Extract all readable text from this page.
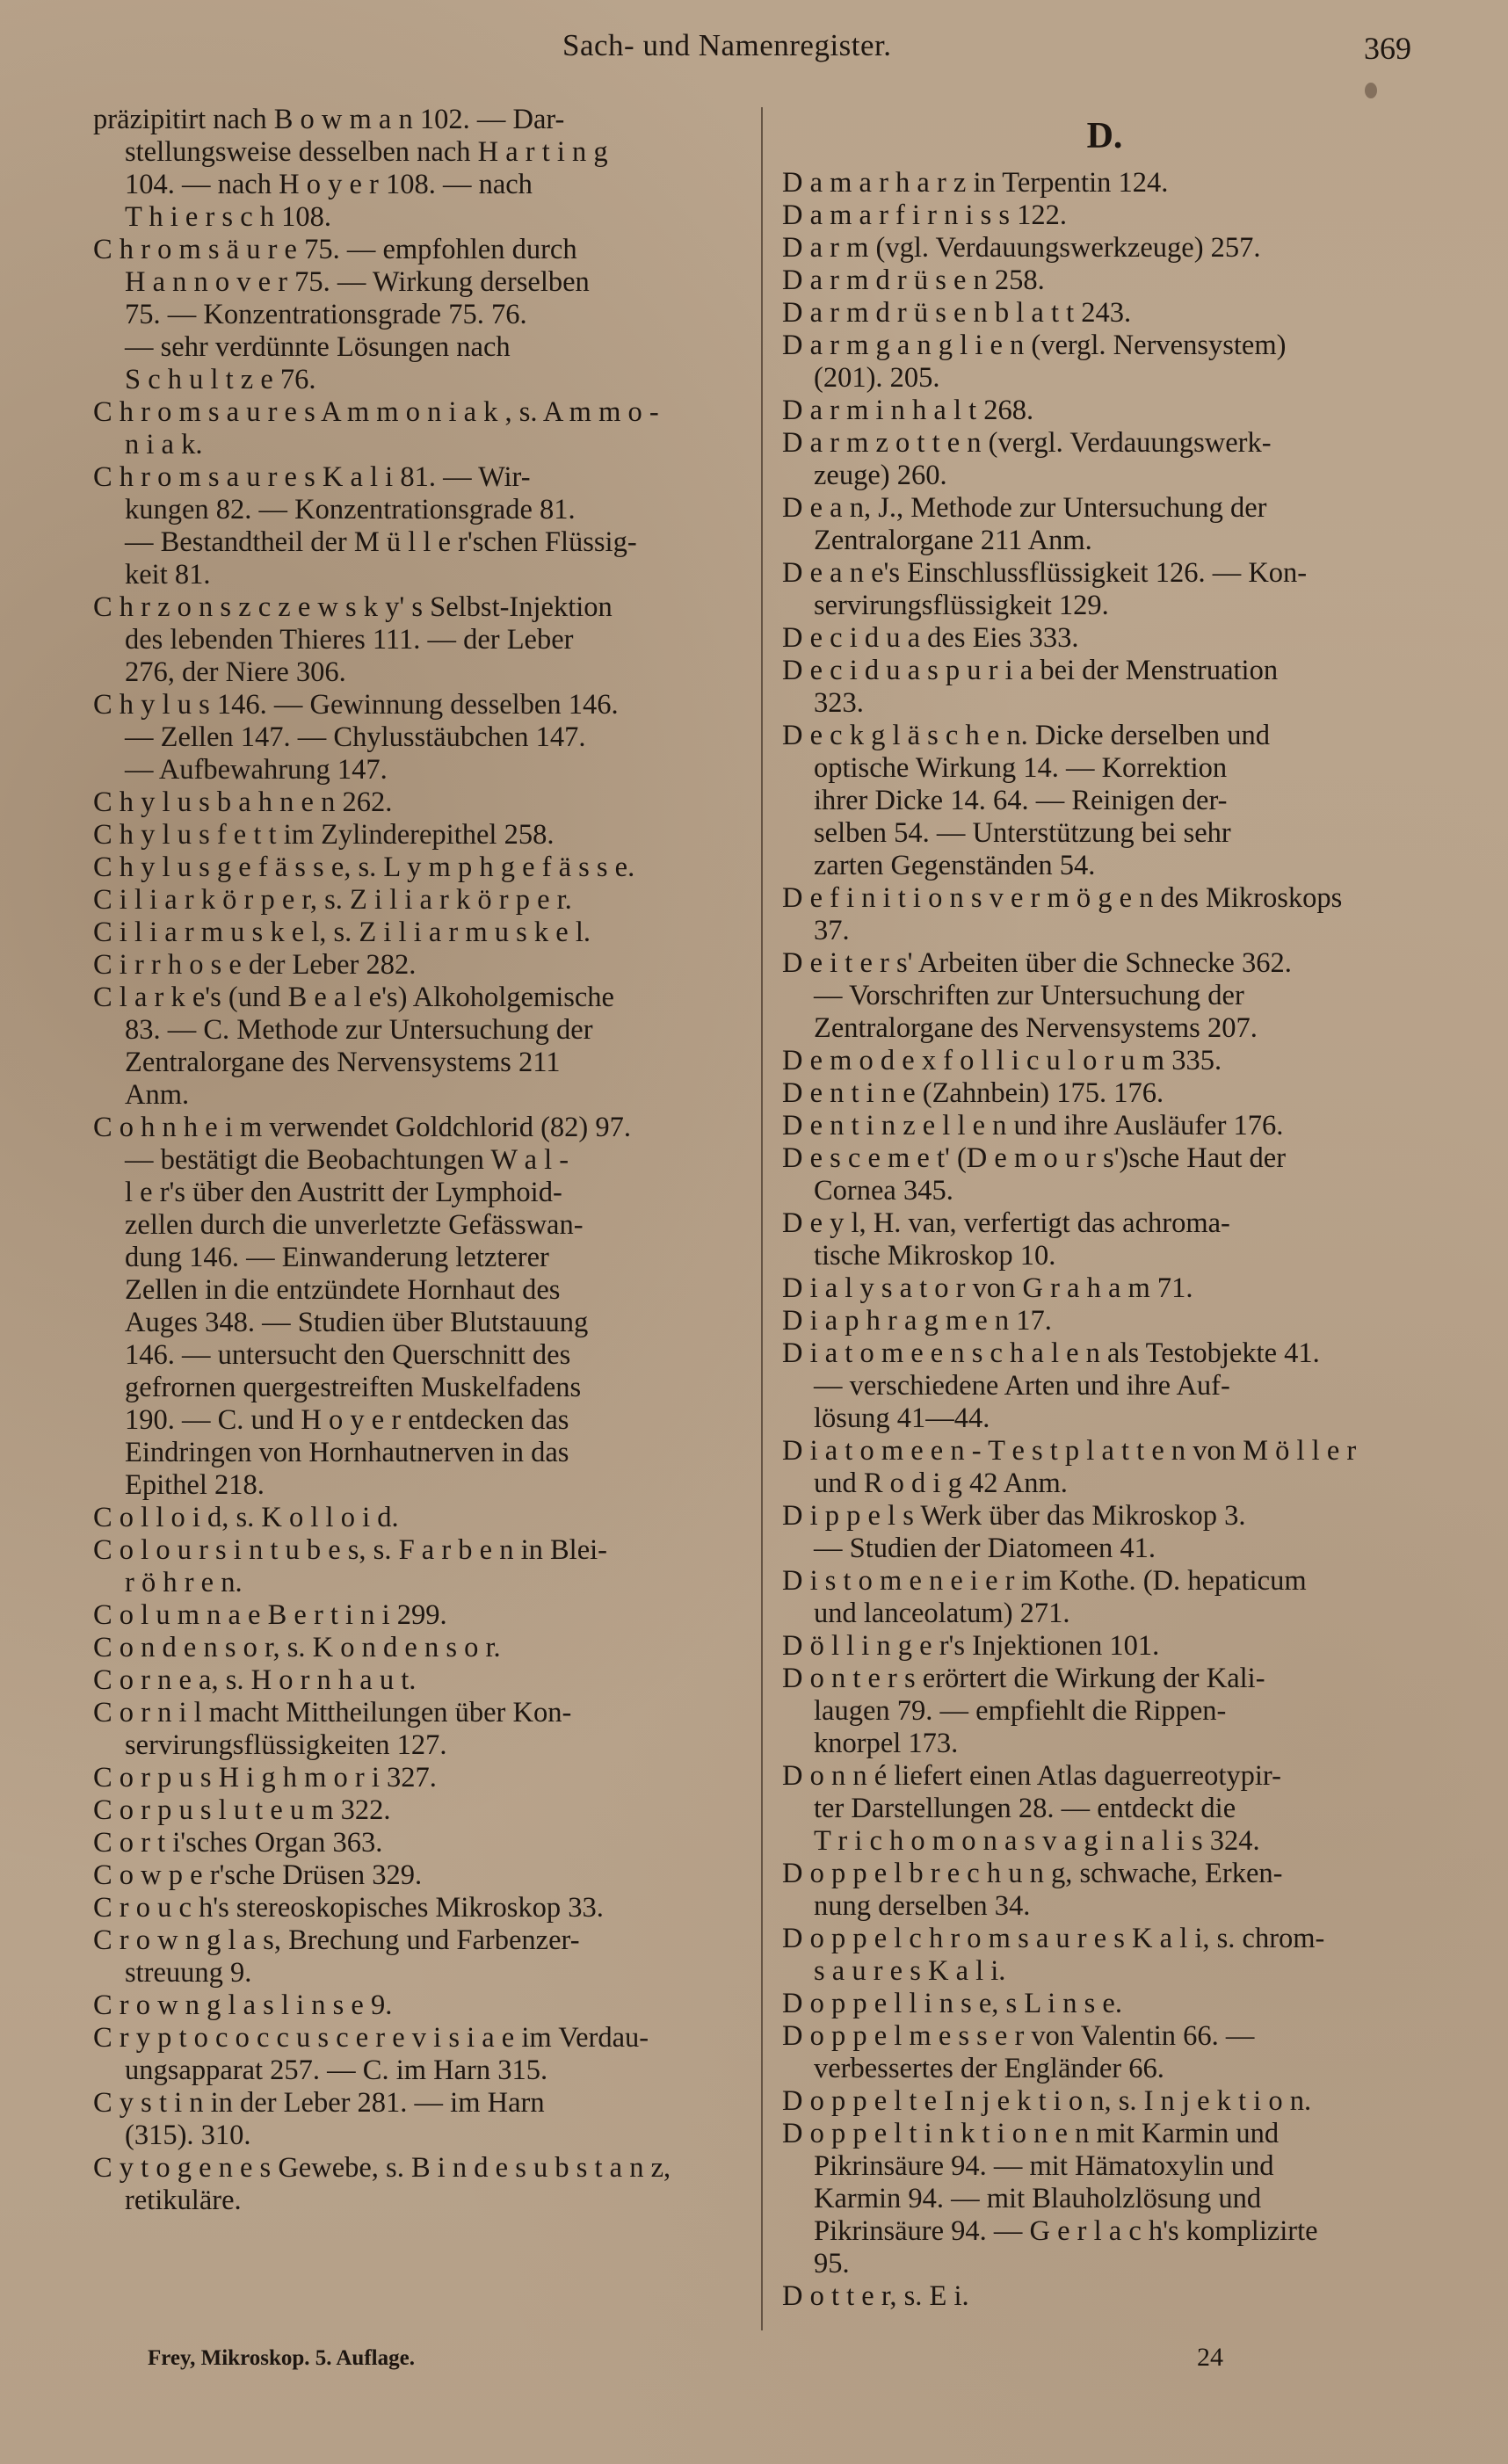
Sach- und Namenregister.	369
präzipitirt nach B o w m a n 102. — Dar-
stellungsweise desselben nach H a r t i n g
104. — nach H o y e r 108. — nach
T h i e r s c h 108.
C h r o m s ä u r e 75. — empfohlen durch
H a n n o v e r 75. — Wirkung derselben
75. — Konzentrationsgrade 75. 76.
— sehr verdünnte Lösungen nach
S c h u l t z e 76.
C h r o m s a u r e s A m m o n i a k , s. A m m o -
n i a k.
C h r o m s a u r e s K a l i 81. — Wir-
kungen 82. — Konzentrationsgrade 81.
— Bestandtheil der M ü l l e r'schen Flüssig-
keit 81.
C h r z o n s z c z e w s k y' s Selbst-Injektion
des lebenden Thieres 111. — der Leber
276, der Niere 306.
C h y l u s 146. — Gewinnung desselben 146.
— Zellen 147. — Chylusstäubchen 147.
— Aufbewahrung 147.
C h y l u s b a h n e n 262.
C h y l u s f e t t im Zylinderepithel 258.
C h y l u s g e f ä s s e, s. L y m p h g e f ä s s e.
C i l i a r k ö r p e r, s. Z i l i a r k ö r p e r.
C i l i a r m u s k e l, s. Z i l i a r m u s k e l.
C i r r h o s e der Leber 282.
C l a r k e's (und B e a l e's) Alkoholgemische
83. — C. Methode zur Untersuchung der
Zentralorgane des Nervensystems 211
Anm.
C o h n h e i m verwendet Goldchlorid (82) 97.
— bestätigt die Beobachtungen W a l -
l e r's über den Austritt der Lymphoid-
zellen durch die unverletzte Gefässwan-
dung 146. — Einwanderung letzterer
Zellen in die entzündete Hornhaut des
Auges 348. — Studien über Blutstauung
146. — untersucht den Querschnitt des
gefrornen quergestreiften Muskelfadens
190. — C. und H o y e r entdecken das
Eindringen von Hornhautnerven in das
Epithel 218.
C o l l o i d, s. K o l l o i d.
C o l o u r s i n t u b e s, s. F a r b e n in Blei-
r ö h r e n.
C o l u m n a e B e r t i n i 299.
C o n d e n s o r, s. K o n d e n s o r.
C o r n e a, s. H o r n h a u t.
C o r n i l macht Mittheilungen über Kon-
servirungsflüssigkeiten 127.
C o r p u s H i g h m o r i 327.
C o r p u s l u t e u m 322.
C o r t i'sches Organ 363.
C o w p e r'sche Drüsen 329.
C r o u c h's stereoskopisches Mikroskop 33.
C r o w n g l a s, Brechung und Farbenzer-
streuung 9.
C r o w n g l a s l i n s e 9.
C r y p t o c o c c u s c e r e v i s i a e im Verdau-
ungsapparat 257. — C. im Harn 315.
C y s t i n in der Leber 281. — im Harn
(315). 310.
C y t o g e n e s Gewebe, s. B i n d e s u b s t a n z,
retikuläre.
D.
D a m a r h a r z in Terpentin 124.
D a m a r f i r n i s s 122.
D a r m (vgl. Verdauungswerkzeuge) 257.
D a r m d r ü s e n 258.
D a r m d r ü s e n b l a t t 243.
D a r m g a n g l i e n (vergl. Nervensystem)
(201). 205.
D a r m i n h a l t 268.
D a r m z o t t e n (vergl. Verdauungswerk-
zeuge) 260.
D e a n, J., Methode zur Untersuchung der
Zentralorgane 211 Anm.
D e a n e's Einschlussflüssigkeit 126. — Kon-
servirungsflüssigkeit 129.
D e c i d u a des Eies 333.
D e c i d u a s p u r i a bei der Menstruation
323.
D e c k g l ä s c h e n. Dicke derselben und
optische Wirkung 14. — Korrektion
ihrer Dicke 14. 64. — Reinigen der-
selben 54. — Unterstützung bei sehr
zarten Gegenständen 54.
D e f i n i t i o n s v e r m ö g e n des Mikroskops
37.
D e i t e r s' Arbeiten über die Schnecke 362.
— Vorschriften zur Untersuchung der
Zentralorgane des Nervensystems 207.
D e m o d e x f o l l i c u l o r u m 335.
D e n t i n e (Zahnbein) 175. 176.
D e n t i n z e l l e n und ihre Ausläufer 176.
D e s c e m e t' (D e m o u r s')sche Haut der
Cornea 345.
D e y l, H. van, verfertigt das achroma-
tische Mikroskop 10.
D i a l y s a t o r von G r a h a m 71.
D i a p h r a g m e n 17.
D i a t o m e e n s c h a l e n als Testobjekte 41.
— verschiedene Arten und ihre Auf-
lösung 41—44.
D i a t o m e e n - T e s t p l a t t e n von M ö l l e r
und R o d i g 42 Anm.
D i p p e l s Werk über das Mikroskop 3.
— Studien der Diatomeen 41.
D i s t o m e n e i e r im Kothe. (D. hepaticum
und lanceolatum) 271.
D ö l l i n g e r's Injektionen 101.
D o n t e r s erörtert die Wirkung der Kali-
laugen 79. — empfiehlt die Rippen-
knorpel 173.
D o n n é liefert einen Atlas daguerreotypir-
ter Darstellungen 28. — entdeckt die
T r i c h o m o n a s v a g i n a l i s 324.
D o p p e l b r e c h u n g, schwache, Erken-
nung derselben 34.
D o p p e l c h r o m s a u r e s K a l i, s. chrom-
s a u r e s K a l i.
D o p p e l l i n s e, s L i n s e.
D o p p e l m e s s e r von Valentin 66. —
verbessertes der Engländer 66.
D o p p e l t e I n j e k t i o n, s. I n j e k t i o n.
D o p p e l t i n k t i o n e n mit Karmin und
Pikrinsäure 94. — mit Hämatoxylin und
Karmin 94. — mit Blauholzlösung und
Pikrinsäure 94. — G e r l a c h's komplizirte
95.
D o t t e r, s. E i.
Frey, Mikroskop. 5. Auflage.	24
